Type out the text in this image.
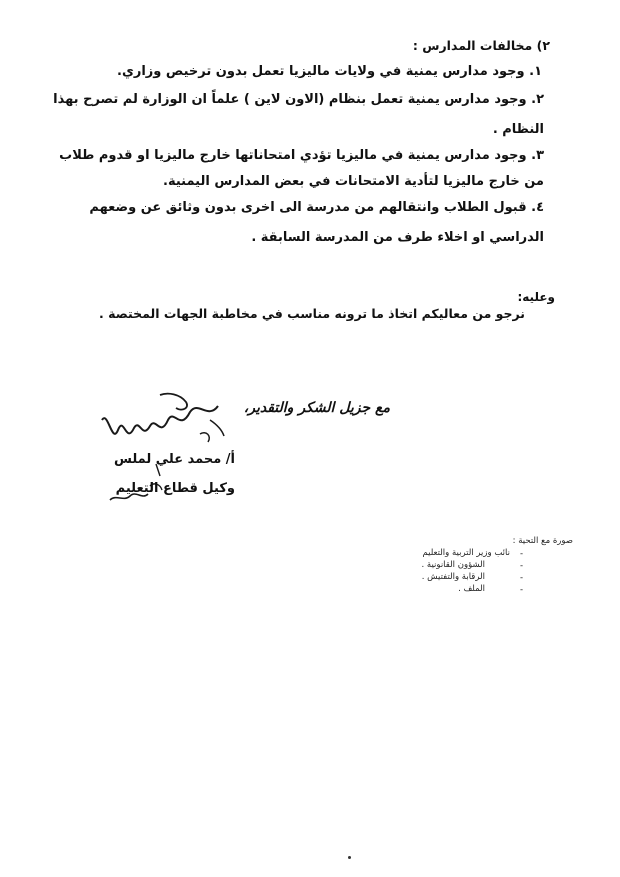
٢) مخالفات المدارس :
١. وجود مدارس يمنية في ولايات ماليزيا تعمل بدون ترخيص وزاري.
٢. وجود مدارس يمنية تعمل بنظام (الاون لاين ) علماً ان الوزارة لم تصرح بهذا
النظام .
٣. وجود مدارس يمنية في ماليزيا تؤدي امتحاناتها خارج ماليزيا او قدوم طلاب
من خارج ماليزيا لتأدية الامتحانات في بعض المدارس اليمنية.
٤. قبول الطلاب وانتقالهم من مدرسة الى اخرى بدون وثائق عن وضعهم
الدراسي او اخلاء طرف من المدرسة السابقة .
وعليه:
نرجو من معاليكم اتخاذ ما ترونه مناسب في مخاطبة الجهات المختصة .
مع جزيل الشكر والتقدير،
أ/ محمد علي لملس
وكيل قطاع التعليم
صورة مع التحية :
نائب وزير التربية والتعليم
الشؤون القانونية .
الرقابة والتفتيش .
الملف .
-
-
-
-
